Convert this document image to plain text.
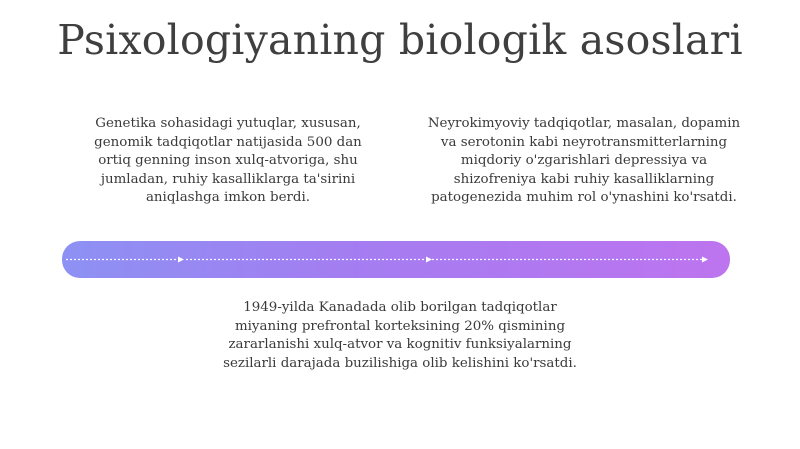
Psixologiyaning biologik asoslari

Genetika sohasidagi yutuqlar, xususan, genomik tadqiqotlar natijasida 500 dan ortiq genning inson xulq-atvoriga, shu jumladan, ruhiy kasalliklarga ta'sirini aniqlashga imkon berdi.

Neyrokimyoviy tadqiqotlar, masalan, dopamin va serotonin kabi neyrotransmitterlarning miqdoriy o'zgarishlari depressiya va shizofreniya kabi ruhiy kasalliklarning patogenezida muhim rol o'ynashini ko'rsatdi.

1949-yilda Kanadada olib borilgan tadqiqotlar miyaning prefrontal korteksining 20% qismining zararlanishi xulq-atvor va kognitiv funksiyalarning sezilarli darajada buzilishiga olib kelishini ko'rsatdi.
